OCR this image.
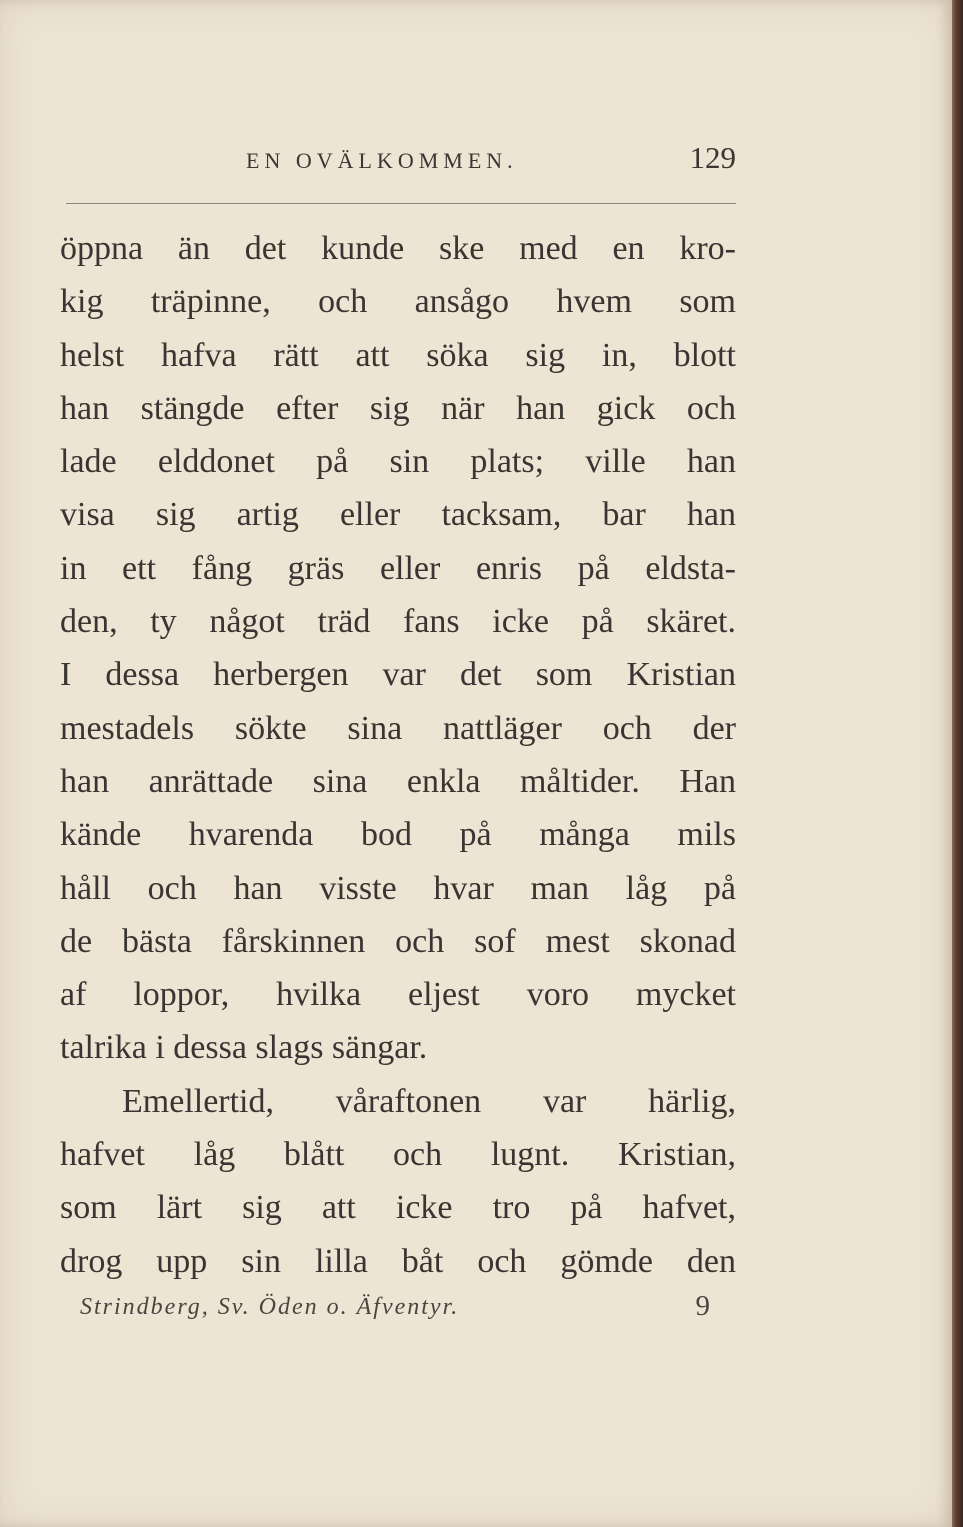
EN OVÄLKOMMEN.	129
öppna än det kunde ske med en kro-
kig träpinne, och ansågo hvem som
helst hafva rätt att söka sig in, blott
han stängde efter sig när han gick och
lade elddonet på sin plats; ville han
visa sig artig eller tacksam, bar han
in ett fång gräs eller enris på eldsta-
den, ty något träd fans icke på skäret.
I dessa herbergen var det som Kristian
mestadels sökte sina nattläger och der
han anrättade sina enkla måltider. Han
kände hvarenda bod på många mils
håll och han visste hvar man låg på
de bästa fårskinnen och sof mest skonad
af loppor, hvilka eljest voro mycket
talrika i dessa slags sängar.
Emellertid, våraftonen var härlig,
hafvet låg blått och lugnt. Kristian,
som lärt sig att icke tro på hafvet,
drog upp sin lilla båt och gömde den
Strindberg, Sv. Öden o. Äfventyr.	9
